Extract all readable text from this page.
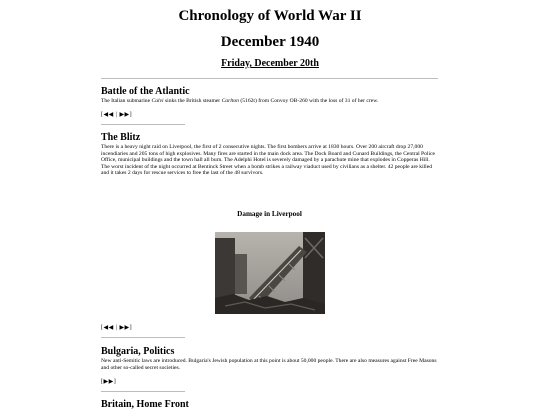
Chronology of World War II
December 1940
Friday, December 20th
Battle of the Atlantic
The Italian submarine Calvi sinks the British steamer Carlton (5162t) from Convoy OB-260 with the loss of 31 of her crew.
[◀◀ | ▶▶]
The Blitz
There is a heavy night raid on Liverpool, the first of 2 consecutive nights. The first bombers arrive at 1830 hours. Over 200 aircraft drop 27,000 incendiaries and 205 tons of high explosives. Many fires are started in the main dock area. The Dock Board and Cunard Buildings, the Central Police Office, municipal buildings and the town hall all burn. The Adelphi Hotel is severely damaged by a parachute mine that explodes in Copperas Hill. The worst incident of the night occurred at Bentinck Street when a bomb strikes a railway viaduct used by civilians as a shelter. 42 people are killed and it takes 2 days for rescue services to free the last of the 48 survivors.
Damage in Liverpool
[◀◀ | ▶▶]
Bulgaria, Politics
New anti-Semitic laws are introduced. Bulgaria's Jewish population at this point is about 50,000 people. There are also measures against Free Masons and other so-called secret societies.
[▶▶]
Britain, Home Front
